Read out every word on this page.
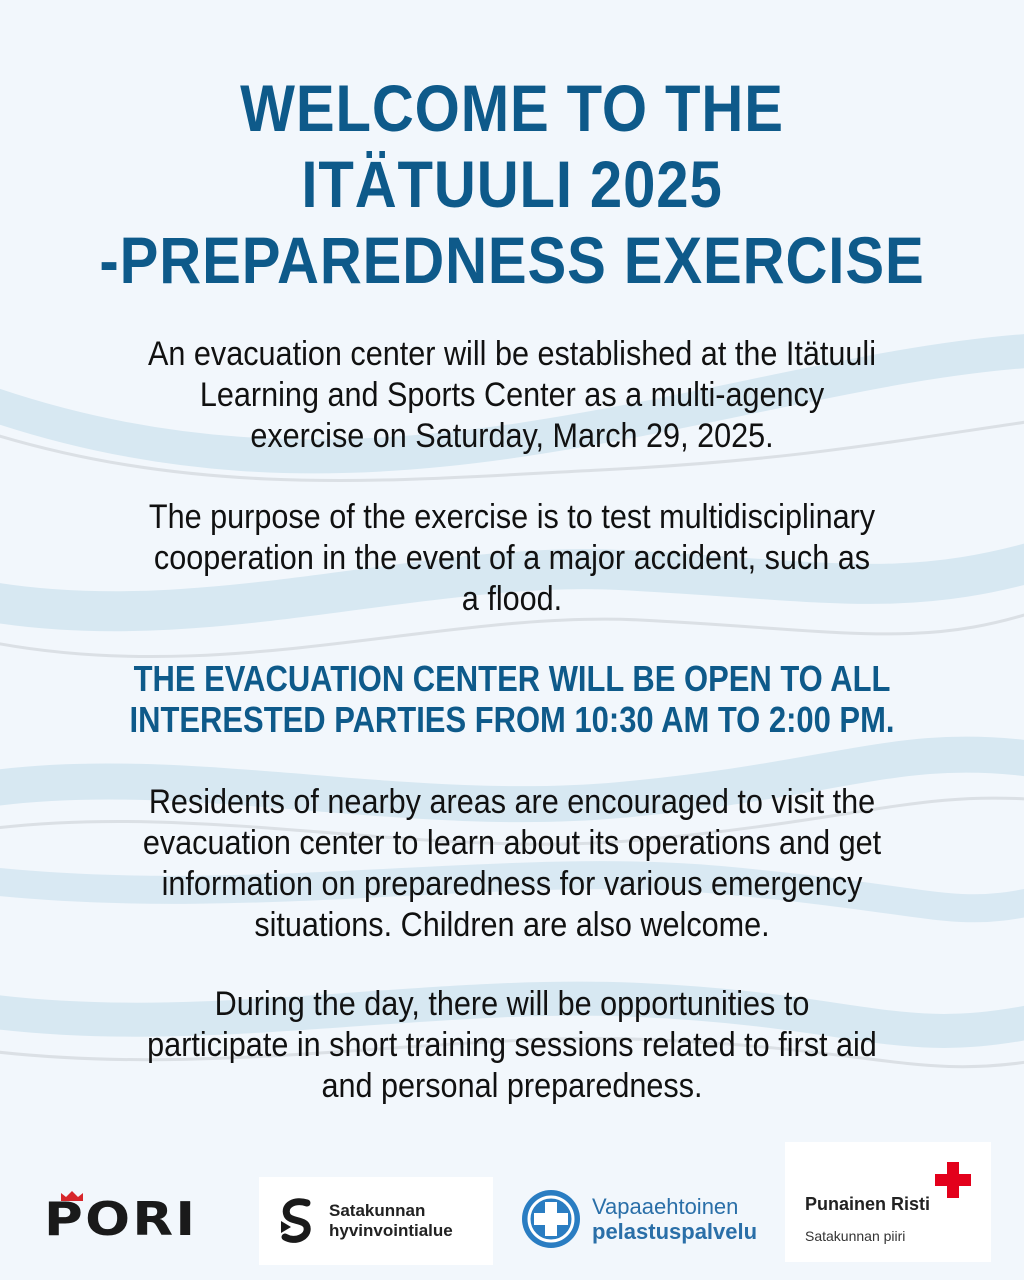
WELCOME TO THE
ITÄTUULI 2025
-PREPAREDNESS EXERCISE

An evacuation center will be established at the Itätuuli
Learning and Sports Center as a multi-agency
exercise on Saturday, March 29, 2025.

The purpose of the exercise is to test multidisciplinary
cooperation in the event of a major accident, such as
a flood.

THE EVACUATION CENTER WILL BE OPEN TO ALL
INTERESTED PARTIES FROM 10:30 AM TO 2:00 PM.

Residents of nearby areas are encouraged to visit the
evacuation center to learn about its operations and get
information on preparedness for various emergency
situations. Children are also welcome.

During the day, there will be opportunities to
participate in short training sessions related to first aid
and personal preparedness.

PORI	Satakunnan
hyvinvointialue
Vapaaehtoinen
pelastuspalvelu
Punainen Risti
Satakunnan piiri
